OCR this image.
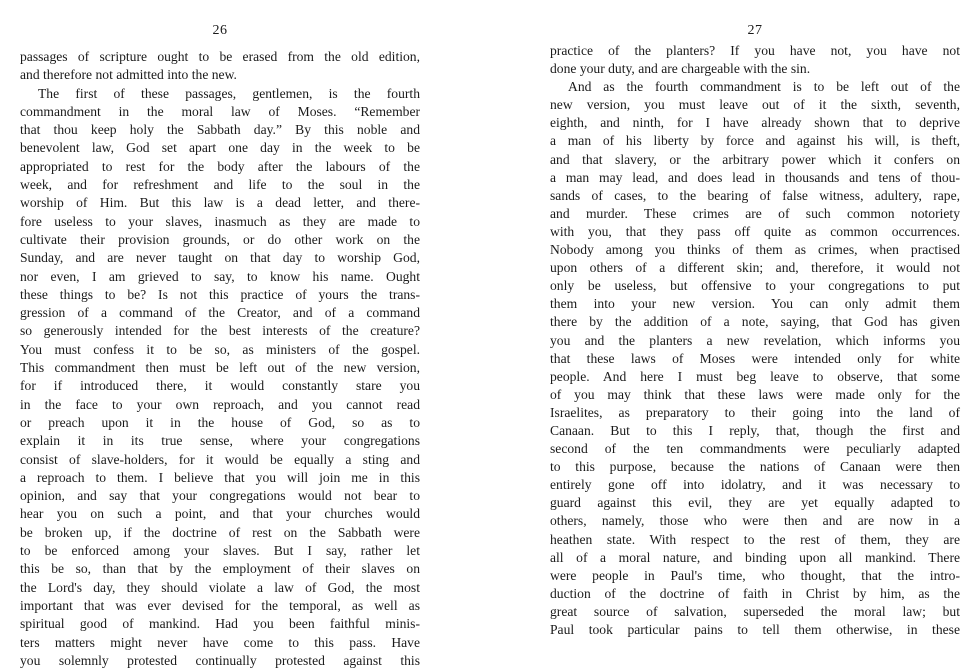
26
passages of scripture ought to be erased from the old edition,
and therefore not admitted into the new.
The first of these passages, gentlemen, is the fourth
commandment in the moral law of Moses. “Remember
that thou keep holy the Sabbath day.” By this noble and
benevolent law, God set apart one day in the week to be
appropriated to rest for the body after the labours of the
week, and for refreshment and life to the soul in the
worship of Him. But this law is a dead letter, and there-
fore useless to your slaves, inasmuch as they are made to
cultivate their provision grounds, or do other work on the
Sunday, and are never taught on that day to worship God,
nor even, I am grieved to say, to know his name. Ought
these things to be? Is not this practice of yours the trans-
gression of a command of the Creator, and of a command
so generously intended for the best interests of the creature?
You must confess it to be so, as ministers of the gospel.
This commandment then must be left out of the new version,
for if introduced there, it would constantly stare you
in the face to your own reproach, and you cannot read
or preach upon it in the house of God, so as to
explain it in its true sense, where your congregations
consist of slave-holders, for it would be equally a sting and
a reproach to them. I believe that you will join me in this
opinion, and say that your congregations would not bear to
hear you on such a point, and that your churches would
be broken up, if the doctrine of rest on the Sabbath were
to be enforced among your slaves. But I say, rather let
this be so, than that by the employment of their slaves on
the Lord's day, they should violate a law of God, the most
important that was ever devised for the temporal, as well as
spiritual good of mankind. Had you been faithful minis-
ters matters might never have come to this pass. Have
you solemnly protested continually protested against this
27
practice of the planters? If you have not, you have not
done your duty, and are chargeable with the sin.
And as the fourth commandment is to be left out of the
new version, you must leave out of it the sixth, seventh,
eighth, and ninth, for I have already shown that to deprive
a man of his liberty by force and against his will, is theft,
and that slavery, or the arbitrary power which it confers on
a man may lead, and does lead in thousands and tens of thou-
sands of cases, to the bearing of false witness, adultery, rape,
and murder. These crimes are of such common notoriety
with you, that they pass off quite as common occurrences.
Nobody among you thinks of them as crimes, when practised
upon others of a different skin; and, therefore, it would not
only be useless, but offensive to your congregations to put
them into your new version. You can only admit them
there by the addition of a note, saying, that God has given
you and the planters a new revelation, which informs you
that these laws of Moses were intended only for white
people. And here I must beg leave to observe, that some
of you may think that these laws were made only for the
Israelites, as preparatory to their going into the land of
Canaan. But to this I reply, that, though the first and
second of the ten commandments were peculiarly adapted
to this purpose, because the nations of Canaan were then
entirely gone off into idolatry, and it was necessary to
guard against this evil, they are yet equally adapted to
others, namely, those who were then and are now in a
heathen state. With respect to the rest of them, they are
all of a moral nature, and binding upon all mankind. There
were people in Paul's time, who thought, that the intro-
duction of the doctrine of faith in Christ by him, as the
great source of salvation, superseded the moral law; but
Paul took particular pains to tell them otherwise, in these
